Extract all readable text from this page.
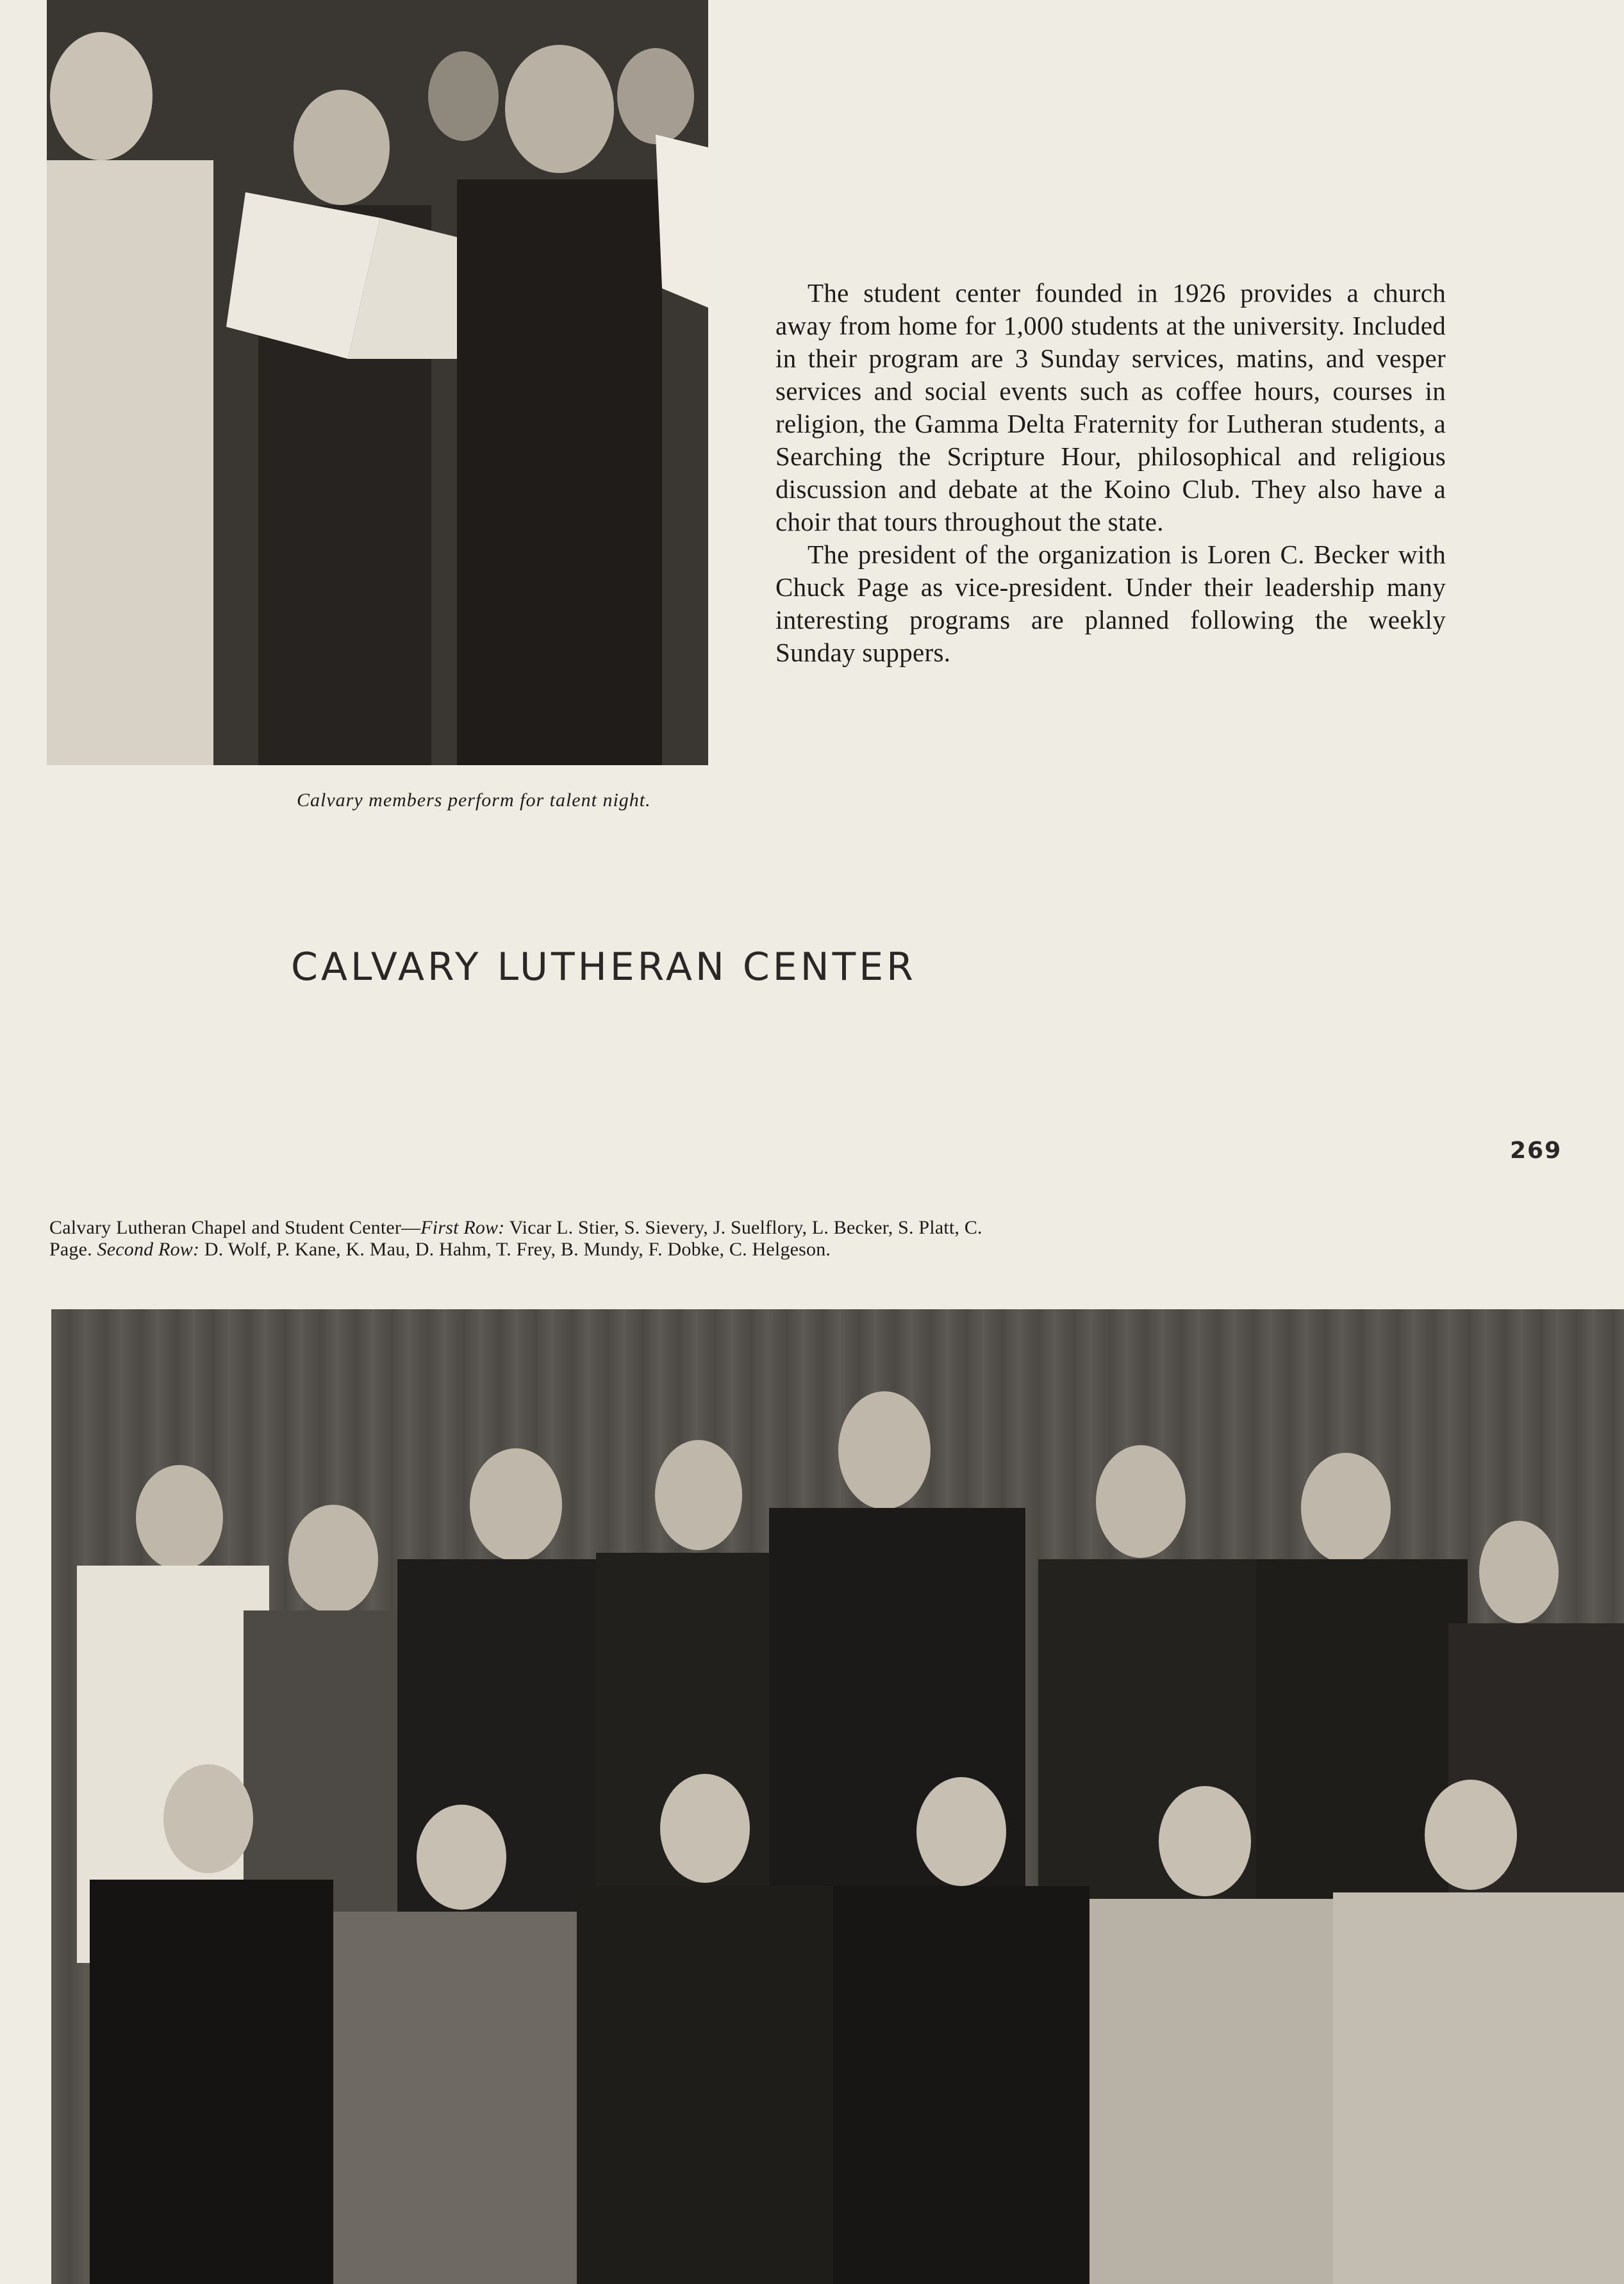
The student center founded in 1926 provides a church away from home for 1,000 students at the university. Included in their program are 3 Sunday services, matins, and vesper services and social events such as coffee hours, courses in religion, the Gamma Delta Fraternity for Lutheran students, a Searching the Scripture Hour, philosophical and religious discussion and debate at the Koino Club. They also have a choir that tours throughout the state.

The president of the organization is Loren C. Becker with Chuck Page as vice-president. Under their leadership many interesting programs are planned following the weekly Sunday suppers.

Calvary members perform for talent night.
CALVARY LUTHERAN CENTER
269
Calvary Lutheran Chapel and Student Center—First Row: Vicar L. Stier, S. Sievery, J. Suelflory, L. Becker, S. Platt, C. Page. Second Row: D. Wolf, P. Kane, K. Mau, D. Hahm, T. Frey, B. Mundy, F. Dobke, C. Helgeson.
